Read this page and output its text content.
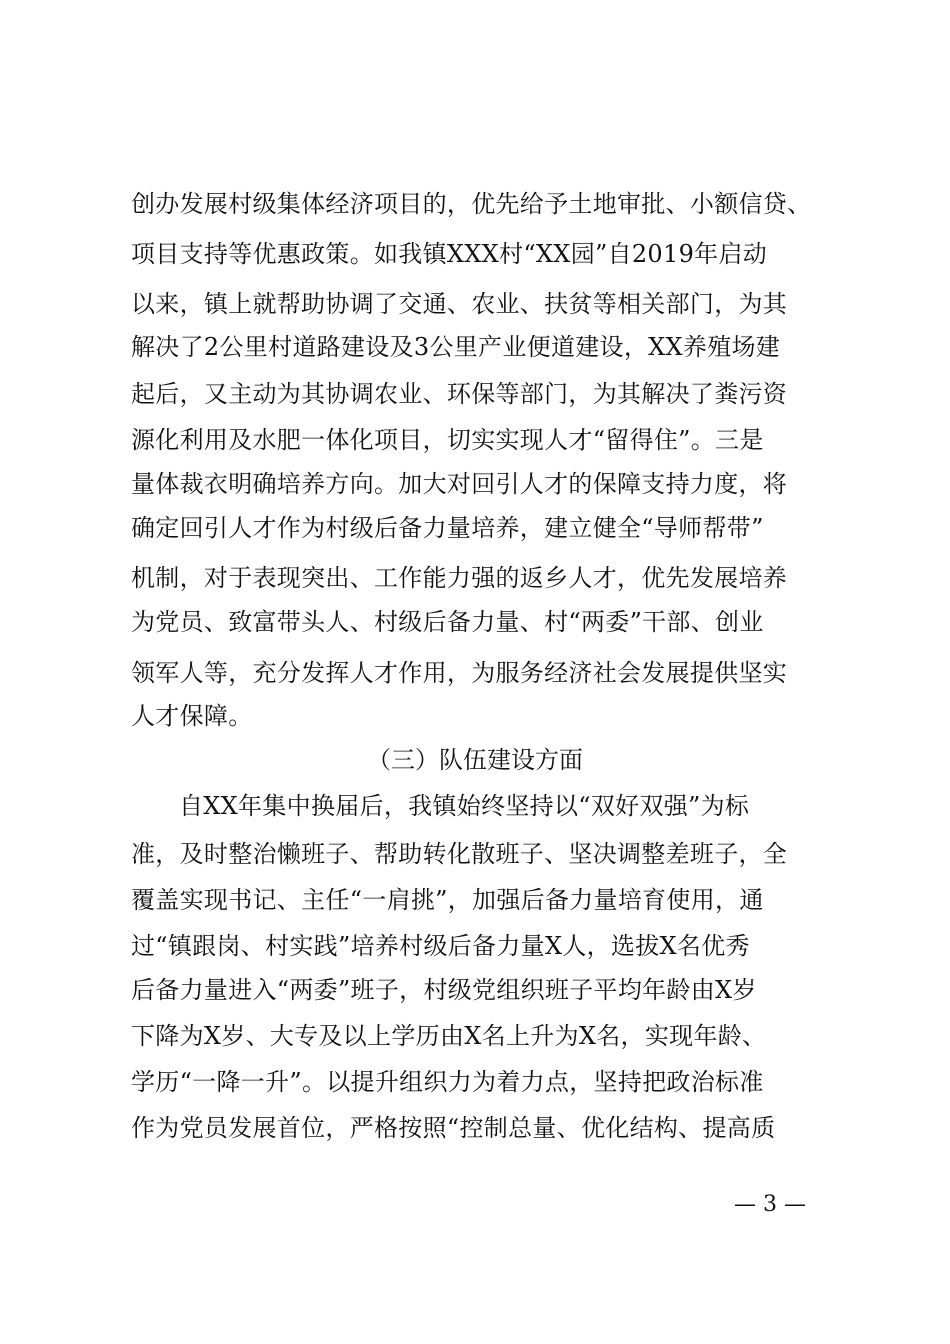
创办发展村级集体经济项目的，优先给予土地审批、小额信贷、
项目支持等优惠政策。如我镇XXX村“XX园”自2019年启动
以来，镇上就帮助协调了交通、农业、扶贫等相关部门，为其
解决了2公里村道路建设及3公里产业便道建设，XX养殖场建
起后，又主动为其协调农业、环保等部门，为其解决了粪污资
源化利用及水肥一体化项目，切实实现人才“留得住”。三是
量体裁衣明确培养方向。加大对回引人才的保障支持力度，将
确定回引人才作为村级后备力量培养，建立健全“导师帮带”
机制，对于表现突出、工作能力强的返乡人才，优先发展培养
为党员、致富带头人、村级后备力量、村“两委”干部、创业
领军人等，充分发挥人才作用，为服务经济社会发展提供坚实
人才保障。
（三）队伍建设方面
自XX年集中换届后，我镇始终坚持以“双好双强”为标
准，及时整治懒班子、帮助转化散班子、坚决调整差班子，全
覆盖实现书记、主任“一肩挑”，加强后备力量培育使用，通
过“镇跟岗、村实践”培养村级后备力量X人，选拔X名优秀
后备力量进入“两委”班子，村级党组织班子平均年龄由X岁
下降为X岁、大专及以上学历由X名上升为X名，实现年龄、
学历“一降一升”。以提升组织力为着力点，坚持把政治标准
作为党员发展首位，严格按照“控制总量、优化结构、提高质
— 3 —
